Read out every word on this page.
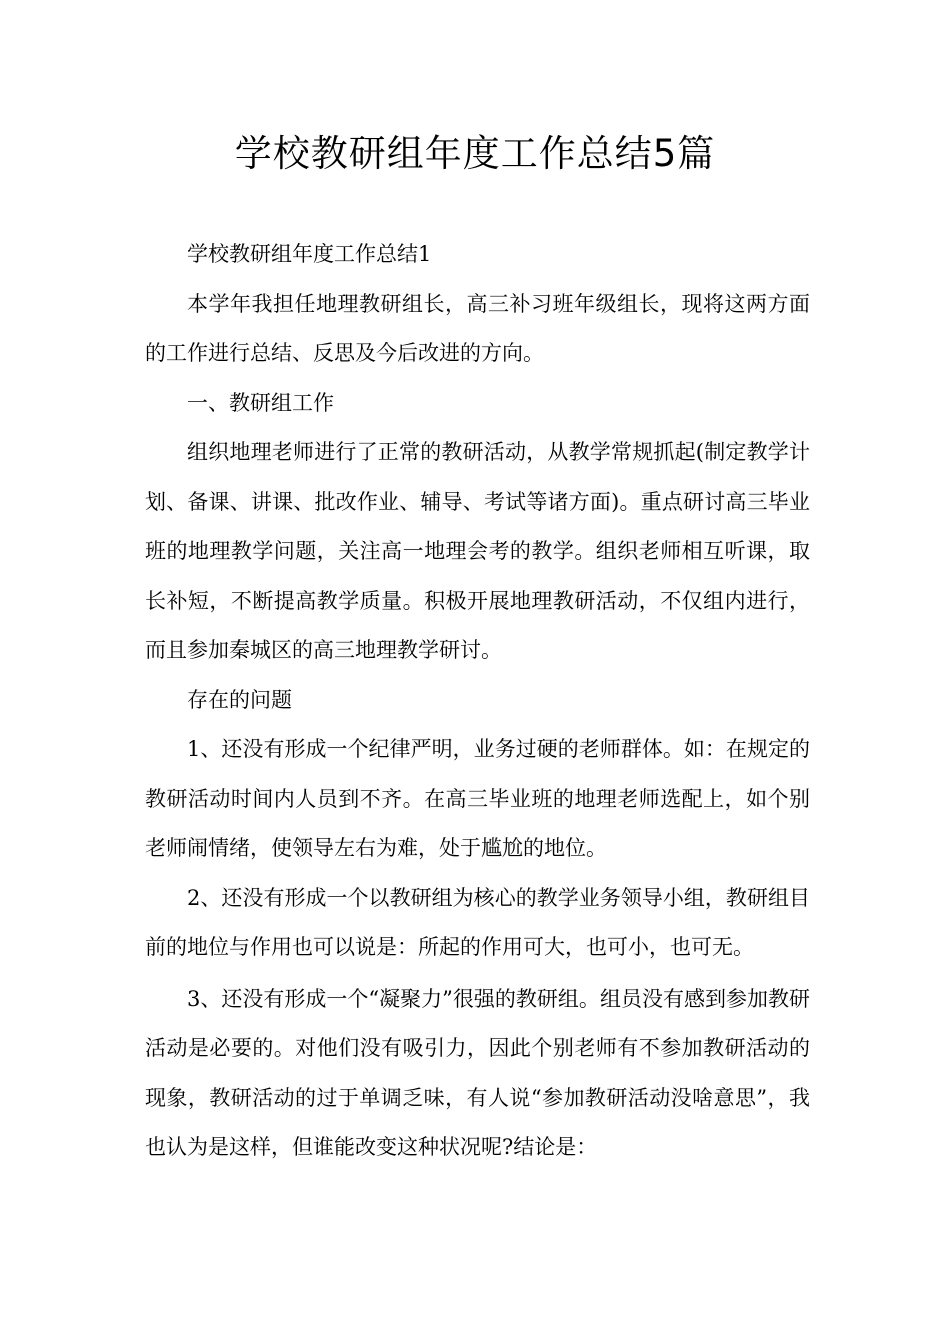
学校教研组年度工作总结5篇

学校教研组年度工作总结1

本学年我担任地理教研组长，高三补习班年级组长，现将这两方面的工作进行总结、反思及今后改进的方向。

一、教研组工作

组织地理老师进行了正常的教研活动，从教学常规抓起(制定教学计划、备课、讲课、批改作业、辅导、考试等诸方面)。重点研讨高三毕业班的地理教学问题，关注高一地理会考的教学。组织老师相互听课，取长补短，不断提高教学质量。积极开展地理教研活动，不仅组内进行，而且参加秦城区的高三地理教学研讨。

存在的问题

1、还没有形成一个纪律严明，业务过硬的老师群体。如：在规定的教研活动时间内人员到不齐。在高三毕业班的地理老师选配上，如个别老师闹情绪，使领导左右为难，处于尴尬的地位。

2、还没有形成一个以教研组为核心的教学业务领导小组，教研组目前的地位与作用也可以说是：所起的作用可大，也可小，也可无。

3、还没有形成一个“凝聚力”很强的教研组。组员没有感到参加教研活动是必要的。对他们没有吸引力，因此个别老师有不参加教研活动的现象，教研活动的过于单调乏味，有人说“参加教研活动没啥意思”，我也认为是这样，但谁能改变这种状况呢?结论是：
